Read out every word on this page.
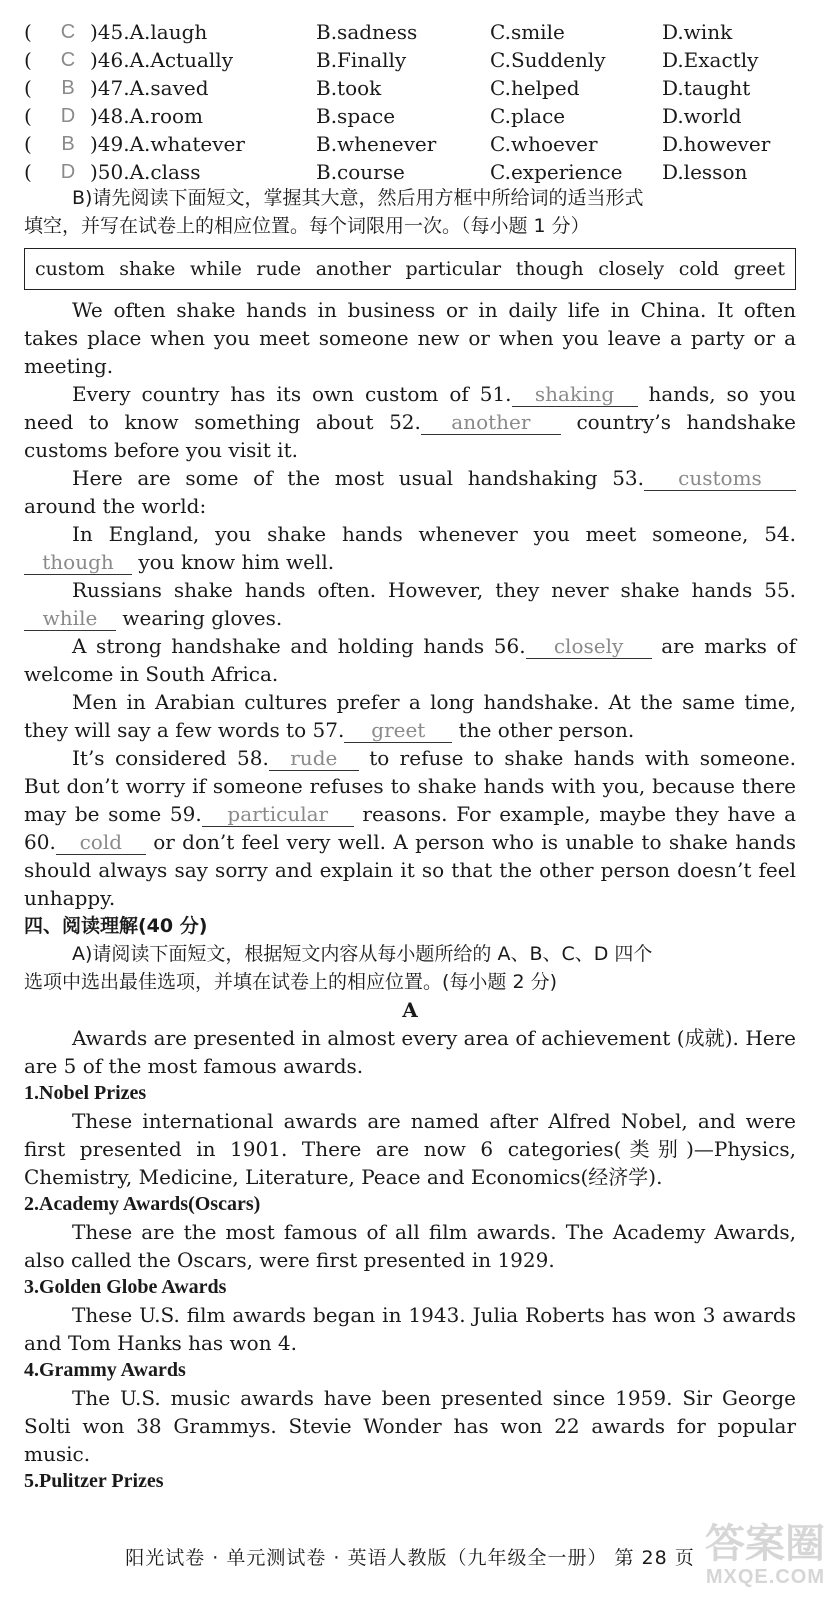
(	C )45.A.laugh	B.sadness	C.smile	D.wink
(	C )46.A.Actually	B.Finally	C.Suddenly	D.Exactly
(	B )47.A.saved	B.took	C.helped	D.taught
(	D )48.A.room	B.space	C.place	D.world
(	B )49.A.whatever	B.whenever	C.whoever	D.however
(	D )50.A.class	B.course	C.experience D.lesson

B)请先阅读下面短文，掌握其大意，然后用方框中所给词的适当形式

填空，并写在试卷上的相应位置。每个词限用一次。（每小题 1 分）

custom shake while rude another particular though closely cold greet

We often shake hands in business or in daily life in China. It often takes place when you meet someone new or when you leave a party or a meeting.

Every country has its own custom of 51. shaking hands, so you need to know something about 52. another country’s handshake customs before you visit it.

Here are some of the most usual handshaking 53. customs around the world:

In England, you shake hands whenever you meet someone, 54.though you know him well.

Russians shake hands often. However, they never shake hands 55.while wearing gloves.

A strong handshake and holding hands 56. closely are marks of welcome in South Africa.

Men in Arabian cultures prefer a long handshake. At the same time, they will say a few words to 57. greet the other person.

It’s considered 58. rude to refuse to shake hands with someone. But don’t worry if someone refuses to shake hands with you, because there may be some 59. particular reasons. For example, maybe they have a 60. cold or don’t feel very well. A person who is unable to shake hands should always say sorry and explain it so that the other person doesn’t feel unhappy.

四、阅读理解(40 分)

A)请阅读下面短文，根据短文内容从每小题所给的 A、B、C、D 四个

选项中选出最佳选项，并填在试卷上的相应位置。(每小题 2 分)

A

Awards are presented in almost every area of achievement (成就). Here are 5 of the most famous awards.

1.Nobel Prizes

These international awards are named after Alfred Nobel, and were first presented in 1901. There are now 6 categories(类别)—Physics, Chemistry, Medicine, Literature, Peace and Economics(经济学).

2.Academy Awards(Oscars)

These are the most famous of all film awards. The Academy Awards, also called the Oscars, were first presented in 1929.

3.Golden Globe Awards

These U.S. film awards began in 1943. Julia Roberts has won 3 awards and Tom Hanks has won 4.

4.Grammy Awards

The U.S. music awards have been presented since 1959. Sir George Solti won 38 Grammys. Stevie Wonder has won 22 awards for popular music.

5.Pulitzer Prizes

阳光试卷 · 单元测试卷 · 英语人教版（九年级全一册） 第 28 页 答案圈
MXQE.COM
